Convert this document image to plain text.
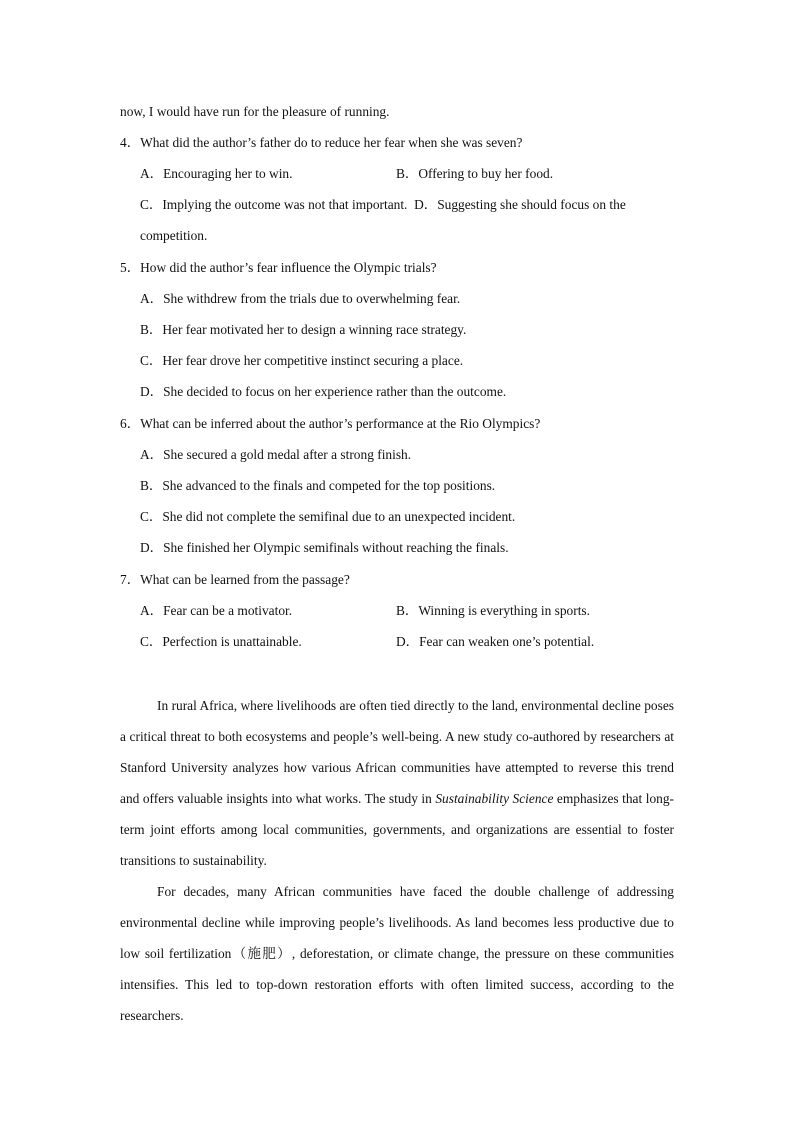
now, I would have run for the pleasure of running.
4．What did the author’s father do to reduce her fear when she was seven?
A．Encouraging her to win.	B．Offering to buy her food.
C．Implying the outcome was not that important. D．Suggesting she should focus on the
competition.
5．How did the author’s fear influence the Olympic trials?
A．She withdrew from the trials due to overwhelming fear.
B．Her fear motivated her to design a winning race strategy.
C．Her fear drove her competitive instinct securing a place.
D．She decided to focus on her experience rather than the outcome.
6．What can be inferred about the author’s performance at the Rio Olympics?
A．She secured a gold medal after a strong finish.
B．She advanced to the finals and competed for the top positions.
C．She did not complete the semifinal due to an unexpected incident.
D．She finished her Olympic semifinals without reaching the finals.
7．What can be learned from the passage?
A．Fear can be a motivator.	B．Winning is everything in sports.
C．Perfection is unattainable.	D．Fear can weaken one’s potential.

In rural Africa, where livelihoods are often tied directly to the land, environmental decline poses a critical threat to both ecosystems and people’s well-being. A new study co-authored by researchers at Stanford University analyzes how various African communities have attempted to reverse this trend and offers valuable insights into what works. The study in Sustainability Science emphasizes that long-term joint efforts among local communities, governments, and organizations are essential to foster transitions to sustainability.

For decades, many African communities have faced the double challenge of addressing environmental decline while improving people’s livelihoods. As land becomes less productive due to low soil fertilization（施肥）, deforestation, or climate change, the pressure on these communities intensifies. This led to top-down restoration efforts with often limited success, according to the researchers.
